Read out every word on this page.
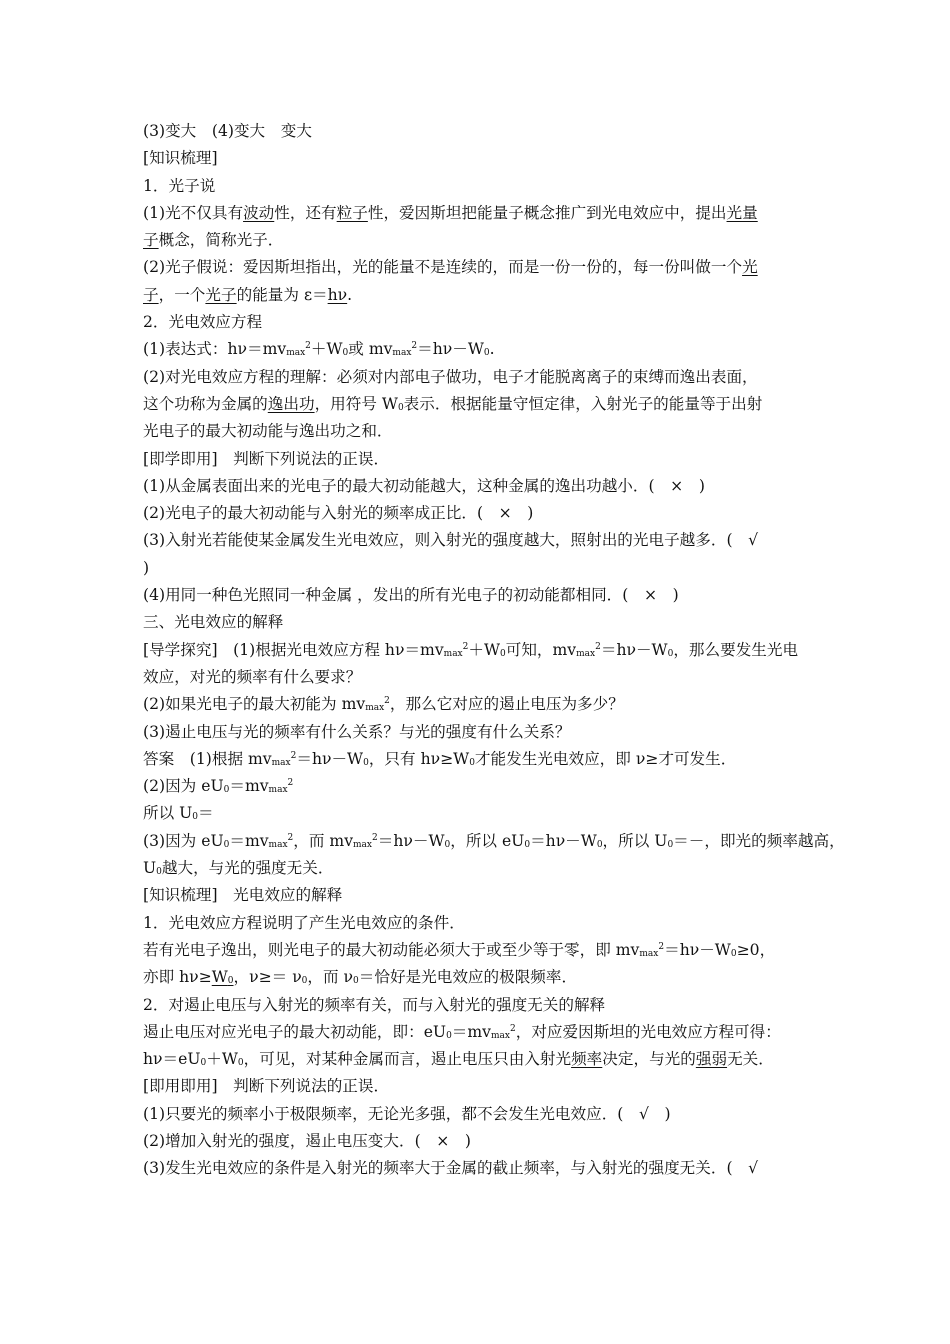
(3)变大　(4)变大　变大
[知识梳理]
1．光子说
(1)光不仅具有波动性，还有粒子性，爱因斯坦把能量子概念推广到光电效应中，提出光量
子概念，简称光子．
(2)光子假说：爱因斯坦指出，光的能量不是连续的，而是一份一份的，每一份叫做一个光
子，一个光子的能量为 ε＝hν.
2．光电效应方程
(1)表达式：$h\nu=mv_{max}^2+W_0$或 $mv_{max}^2=h\nu-W_0$.
(2)对光电效应方程的理解：必须对内部电子做功，电子才能脱离离子的束缚而逸出表面，
这个功称为金属的逸出功，用符号 $W_0$表示．根据能量守恒定律，入射光子的能量等于出射
光电子的最大初动能与逸出功之和．
[即学即用]　判断下列说法的正误．
(1)从金属表面出来的光电子的最大初动能越大，这种金属的逸出功越小．(　×　)
(2)光电子的最大初动能与入射光的频率成正比．(　×　)
(3)入射光若能使某金属发生光电效应，则入射光的强度越大，照射出的光电子越多．(　√
)
(4)用同一种色光照同一种金属 ，发出的所有光电子的初动能都相同．(　×　)
三、光电效应的解释
[导学探究]　(1)根据光电效应方程 $h\nu=mv_{max}^2+W_0$可知，$mv_{max}^2=h\nu-W_0$，那么要发生光电
效应，对光的频率有什么要求？
(2)如果光电子的最大初能为 $mv_{max}^2$，那么它对应的遏止电压为多少？
(3)遏止电压与光的频率有什么关系？与光的强度有什么关系？
答案　(1)根据 $mv_{max}^2=h\nu-W_0$，只有 $h\nu\ge W_0$才能发生光电效应，即 ν≥才可发生．
(2)因为 $eU_0=mv_{max}^2$
所以 $U_0=$
(3)因为 $eU_0=mv_{max}^2$，而 $mv_{max}^2=h\nu-W_0$，所以 $eU_0=h\nu-W_0$，所以 $U_0=-$，即光的频率越高，
$U_0$越大，与光的强度无关．
[知识梳理]　光电效应的解释
1．光电效应方程说明了产生光电效应的条件．
若有光电子逸出，则光电子的最大初动能必须大于或至少等于零，即 $mv_{max}^2=h\nu-W_0\ge 0$，
亦即 $h\nu\ge W_0$，$\nu\ge= \nu_0$，而 $\nu_0=$恰好是光电效应的极限频率．
2．对遏止电压与入射光的频率有关，而与入射光的强度无关的解释
遏止电压对应光电子的最大初动能，即：$eU_0=mv_{max}^2$，对应爱因斯坦的光电效应方程可得：
$h\nu=eU_0+W_0$，可见，对某种金属而言，遏止电压只由入射光频率决定，与光的强弱无关．
[即用即用]　判断下列说法的正误．
(1)只要光的频率小于极限频率，无论光多强，都不会发生光电效应．(　√　)
(2)增加入射光的强度，遏止电压变大．(　×　)
(3)发生光电效应的条件是入射光的频率大于金属的截止频率，与入射光的强度无关．(　√
